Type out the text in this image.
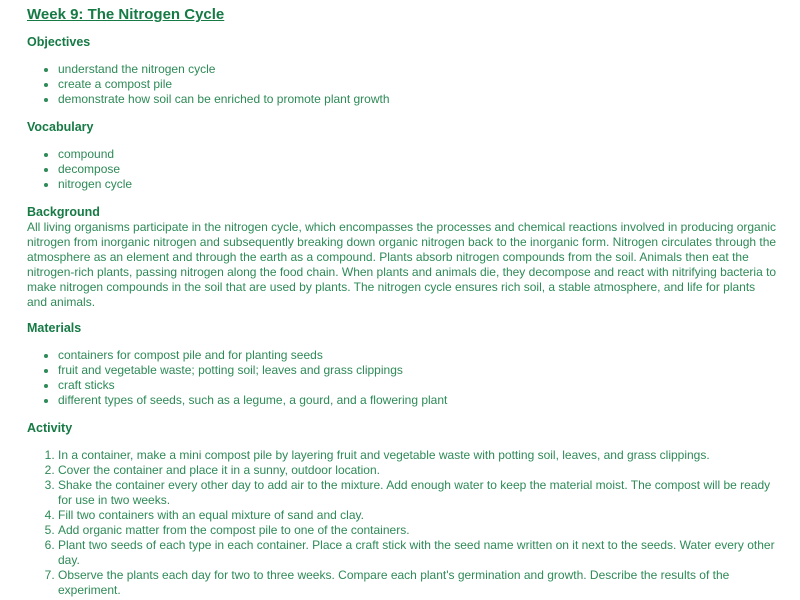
Week 9: The Nitrogen Cycle
Objectives
• understand the nitrogen cycle
• create a compost pile
• demonstrate how soil can be enriched to promote plant growth
Vocabulary
• compound
• decompose
• nitrogen cycle
Background

All living organisms participate in the nitrogen cycle, which encompasses the processes and chemical reactions involved in producing organic nitrogen from inorganic nitrogen and subsequently breaking down organic nitrogen back to the inorganic form. Nitrogen circulates through the atmosphere as an element and through the earth as a compound. Plants absorb nitrogen compounds from the soil. Animals then eat the nitrogen-rich plants, passing nitrogen along the food chain. When plants and animals die, they decompose and react with nitrifying bacteria to make nitrogen compounds in the soil that are used by plants. The nitrogen cycle ensures rich soil, a stable atmosphere, and life for plants and animals.

Materials
• containers for compost pile and for planting seeds
• fruit and vegetable waste; potting soil; leaves and grass clippings
• craft sticks
• different types of seeds, such as a legume, a gourd, and a flowering plant
Activity
1. In a container, make a mini compost pile by layering fruit and vegetable waste with potting soil, leaves, and grass clippings.
2. Cover the container and place it in a sunny, outdoor location.
3. Shake the container every other day to add air to the mixture. Add enough water to keep the material moist. The compost will be ready for use in two weeks.
4. Fill two containers with an equal mixture of sand and clay.
5. Add organic matter from the compost pile to one of the containers.
6. Plant two seeds of each type in each container. Place a craft stick with the seed name written on it next to the seeds. Water every other day.
7. Observe the plants each day for two to three weeks. Compare each plant's germination and growth. Describe the results of the experiment.
